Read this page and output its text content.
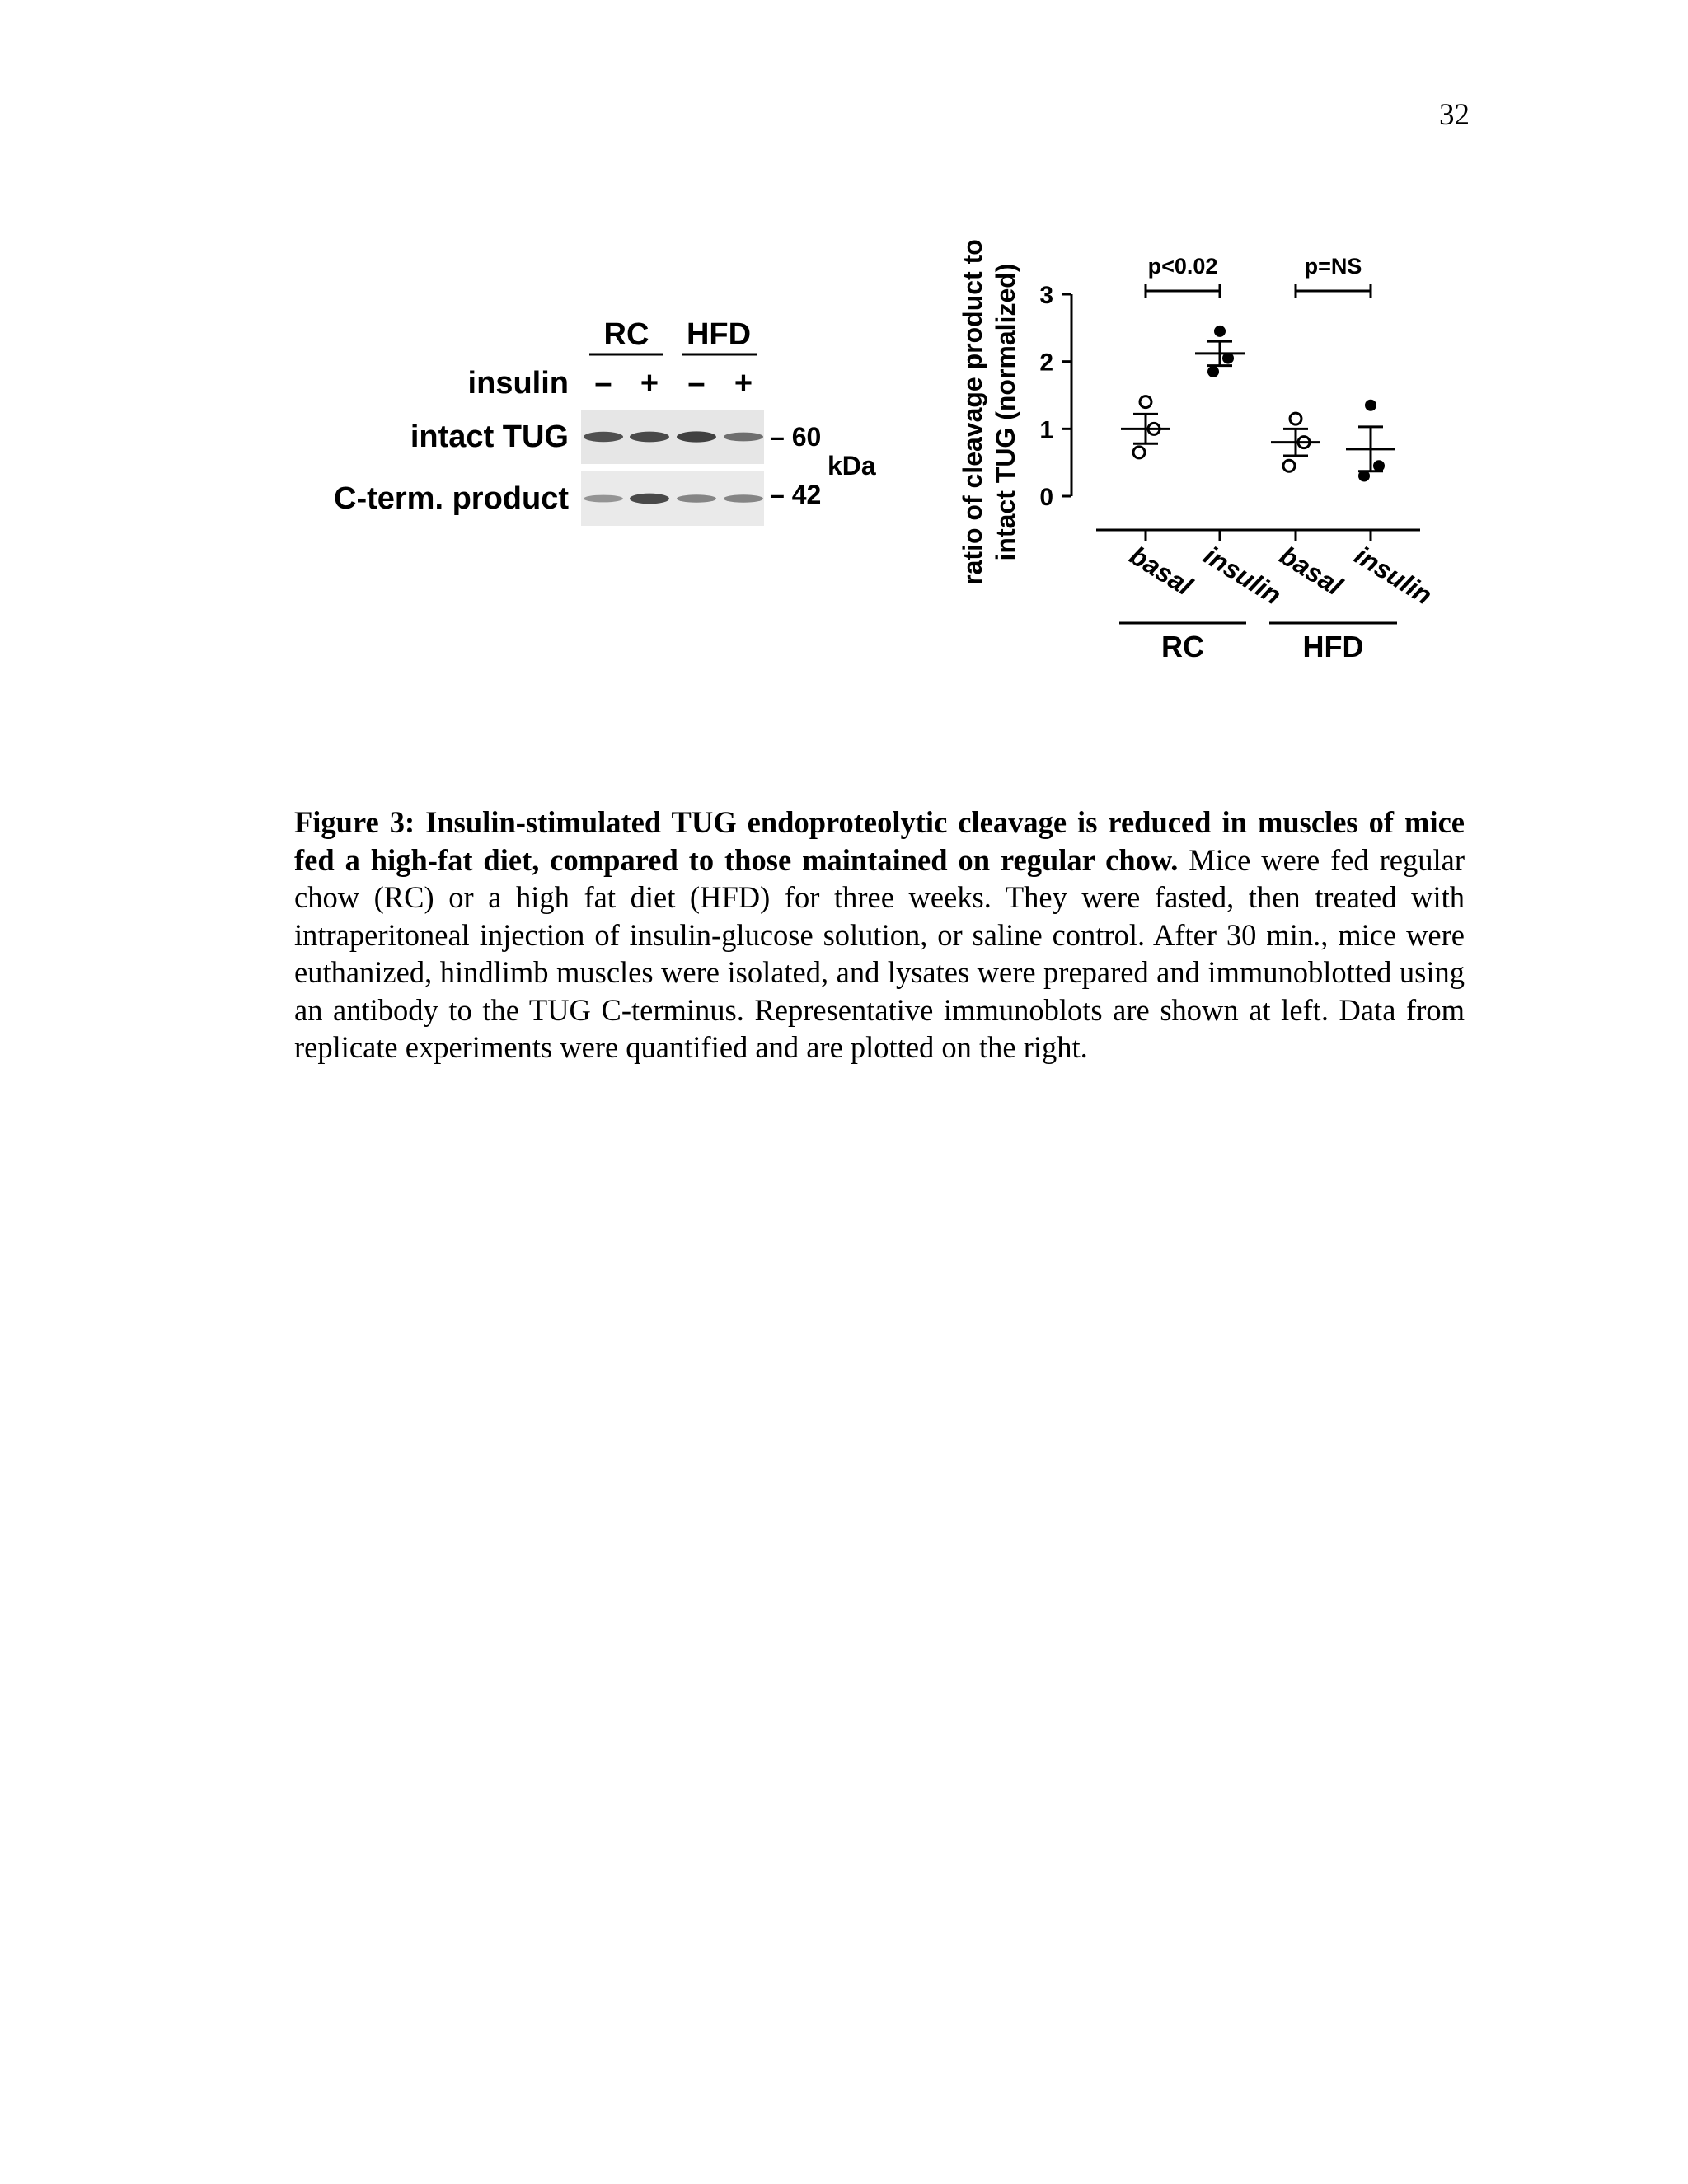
32
RC HFD
insulin – + – +
intact TUG
C-term. product
– 60
kDa
– 42	ratio of cleavage product to intact TUG (normalized) 0
1
2
3
basal insulin
basal insulin
p<0.02	p=NS
RC	HFD
Figure 3: Insulin-stimulated TUG endoproteolytic cleavage is reduced in muscles of mice fed a high-fat diet, compared to those maintained on regular chow. Mice were fed regular chow (RC) or a high fat diet (HFD) for three weeks. They were fasted, then treated with intraperitoneal injection of insulin-glucose solution, or saline control. After 30 min., mice were euthanized, hindlimb muscles were isolated, and lysates were prepared and immunoblotted using an antibody to the TUG C-terminus. Representative immunoblots are shown at left. Data from replicate experiments were quantified and are plotted on the right.
